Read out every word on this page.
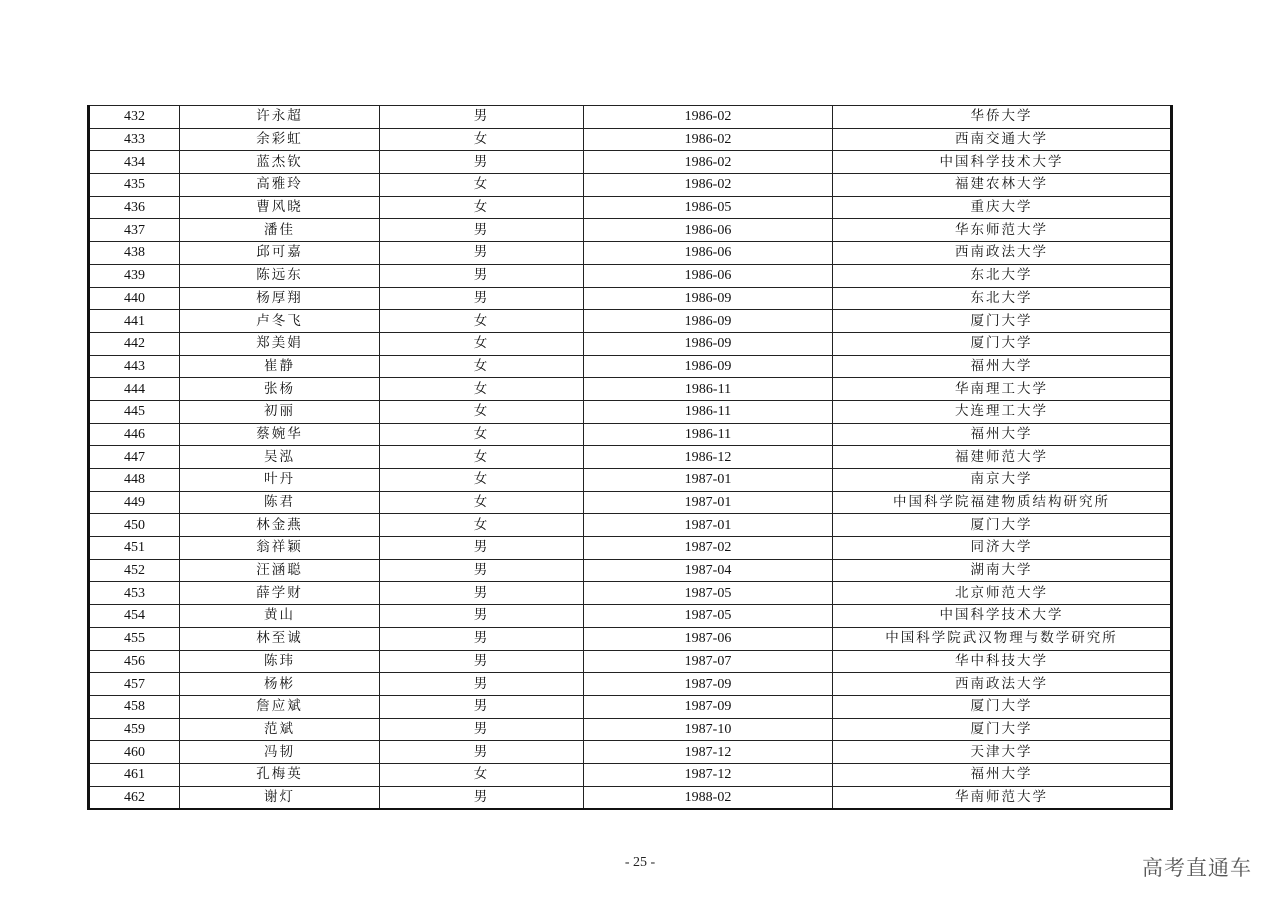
432	许永超	男	1986-02	华侨大学
433	余彩虹	女	1986-02	西南交通大学
434	蓝杰钦	男	1986-02	中国科学技术大学
435	高雅玲	女	1986-02	福建农林大学
436	曹风晓	女	1986-05	重庆大学
437	潘佳	男	1986-06	华东师范大学
438	邱可嘉	男	1986-06	西南政法大学
439	陈远东	男	1986-06	东北大学
440	杨厚翔	男	1986-09	东北大学
441	卢冬飞	女	1986-09	厦门大学
442	郑美娟	女	1986-09	厦门大学
443	崔静	女	1986-09	福州大学
444	张杨	女	1986-11	华南理工大学
445	初丽	女	1986-11	大连理工大学
446	蔡婉华	女	1986-11	福州大学
447	吴泓	女	1986-12	福建师范大学
448	叶丹	女	1987-01	南京大学
449	陈君	女	1987-01	中国科学院福建物质结构研究所
450	林金燕	女	1987-01	厦门大学
451	翁祥颖	男	1987-02	同济大学
452	汪涵聪	男	1987-04	湖南大学
453	薛学财	男	1987-05	北京师范大学
454	黄山	男	1987-05	中国科学技术大学
455	林至诚	男	1987-06	中国科学院武汉物理与数学研究所
456	陈玮	男	1987-07	华中科技大学
457	杨彬	男	1987-09	西南政法大学
458	詹应斌	男	1987-09	厦门大学
459	范斌	男	1987-10	厦门大学
460	冯韧	男	1987-12	天津大学
461	孔梅英	女	1987-12	福州大学
462	谢灯	男	1988-02	华南师范大学
- 25 -	高考直通车
